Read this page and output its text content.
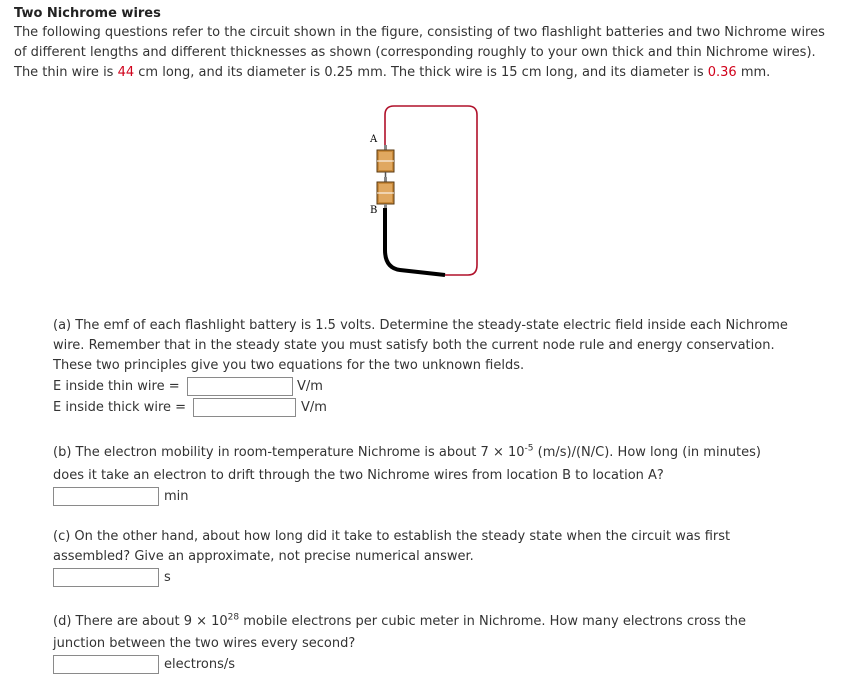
Two Nichrome wires
The following questions refer to the circuit shown in the figure, consisting of two flashlight batteries and two Nichrome wires
of different lengths and different thicknesses as shown (corresponding roughly to your own thick and thin Nichrome wires).
The thin wire is 44 cm long, and its diameter is 0.25 mm. The thick wire is 15 cm long, and its diameter is 0.36 mm.
A
B
(a) The emf of each flashlight battery is 1.5 volts. Determine the steady-state electric field inside each Nichrome
wire. Remember that in the steady state you must satisfy both the current node rule and energy conservation.
These two principles give you two equations for the two unknown fields.
E inside thin wire =	V/m
E inside thick wire =	V/m
(b) The electron mobility in room-temperature Nichrome is about $7 \times 10^{-5}$ (m/s)/(N/C). How long (in minutes)
does it take an electron to drift through the two Nichrome wires from location B to location A?
min
(c) On the other hand, about how long did it take to establish the steady state when the circuit was first
assembled? Give an approximate, not precise numerical answer.
s
(d) There are about $9 \times 10^{28}$ mobile electrons per cubic meter in Nichrome. How many electrons cross the
junction between the two wires every second?
electrons/s
